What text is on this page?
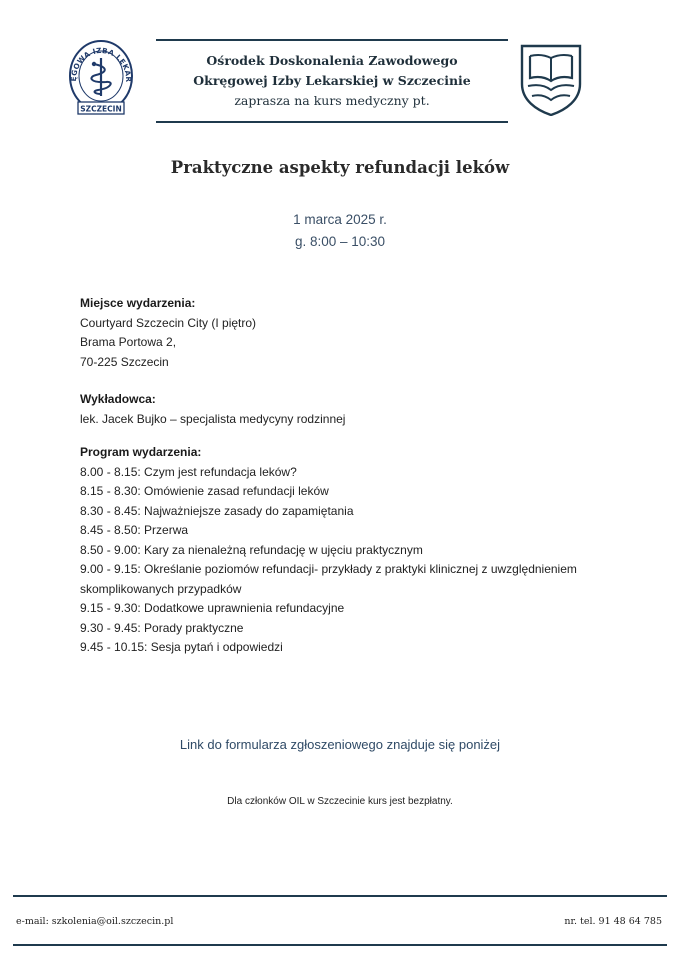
ĘGOWA IZBA LEKAR
SZCZECIN
Ośrodek Doskonalenia Zawodowego
Okręgowej Izby Lekarskiej w Szczecinie
zaprasza na kurs medyczny pt.
Praktyczne aspekty refundacji leków
1 marca 2025 r.
g. 8:00 – 10:30
Miejsce wydarzenia:
Courtyard Szczecin City (I piętro)
Brama Portowa 2,
70-225 Szczecin
Wykładowca:
lek. Jacek Bujko – specjalista medycyny rodzinnej
Program wydarzenia:
8.00 - 8.15: Czym jest refundacja leków?
8.15 - 8.30: Omówienie zasad refundacji leków
8.30 - 8.45: Najważniejsze zasady do zapamiętania
8.45 - 8.50: Przerwa
8.50 - 9.00: Kary za nienależną refundację w ujęciu praktycznym
9.00 - 9.15: Określanie poziomów refundacji- przykłady z praktyki klinicznej z uwzględnieniem
skomplikowanych przypadków
9.15 - 9.30: Dodatkowe uprawnienia refundacyjne
9.30 - 9.45: Porady praktyczne
9.45 - 10.15: Sesja pytań i odpowiedzi
Link do formularza zgłoszeniowego znajduje się poniżej
Dla członków OIL w Szczecinie kurs jest bezpłatny.
e-mail: szkolenia@oil.szczecin.pl	nr. tel. 91 48 64 785
